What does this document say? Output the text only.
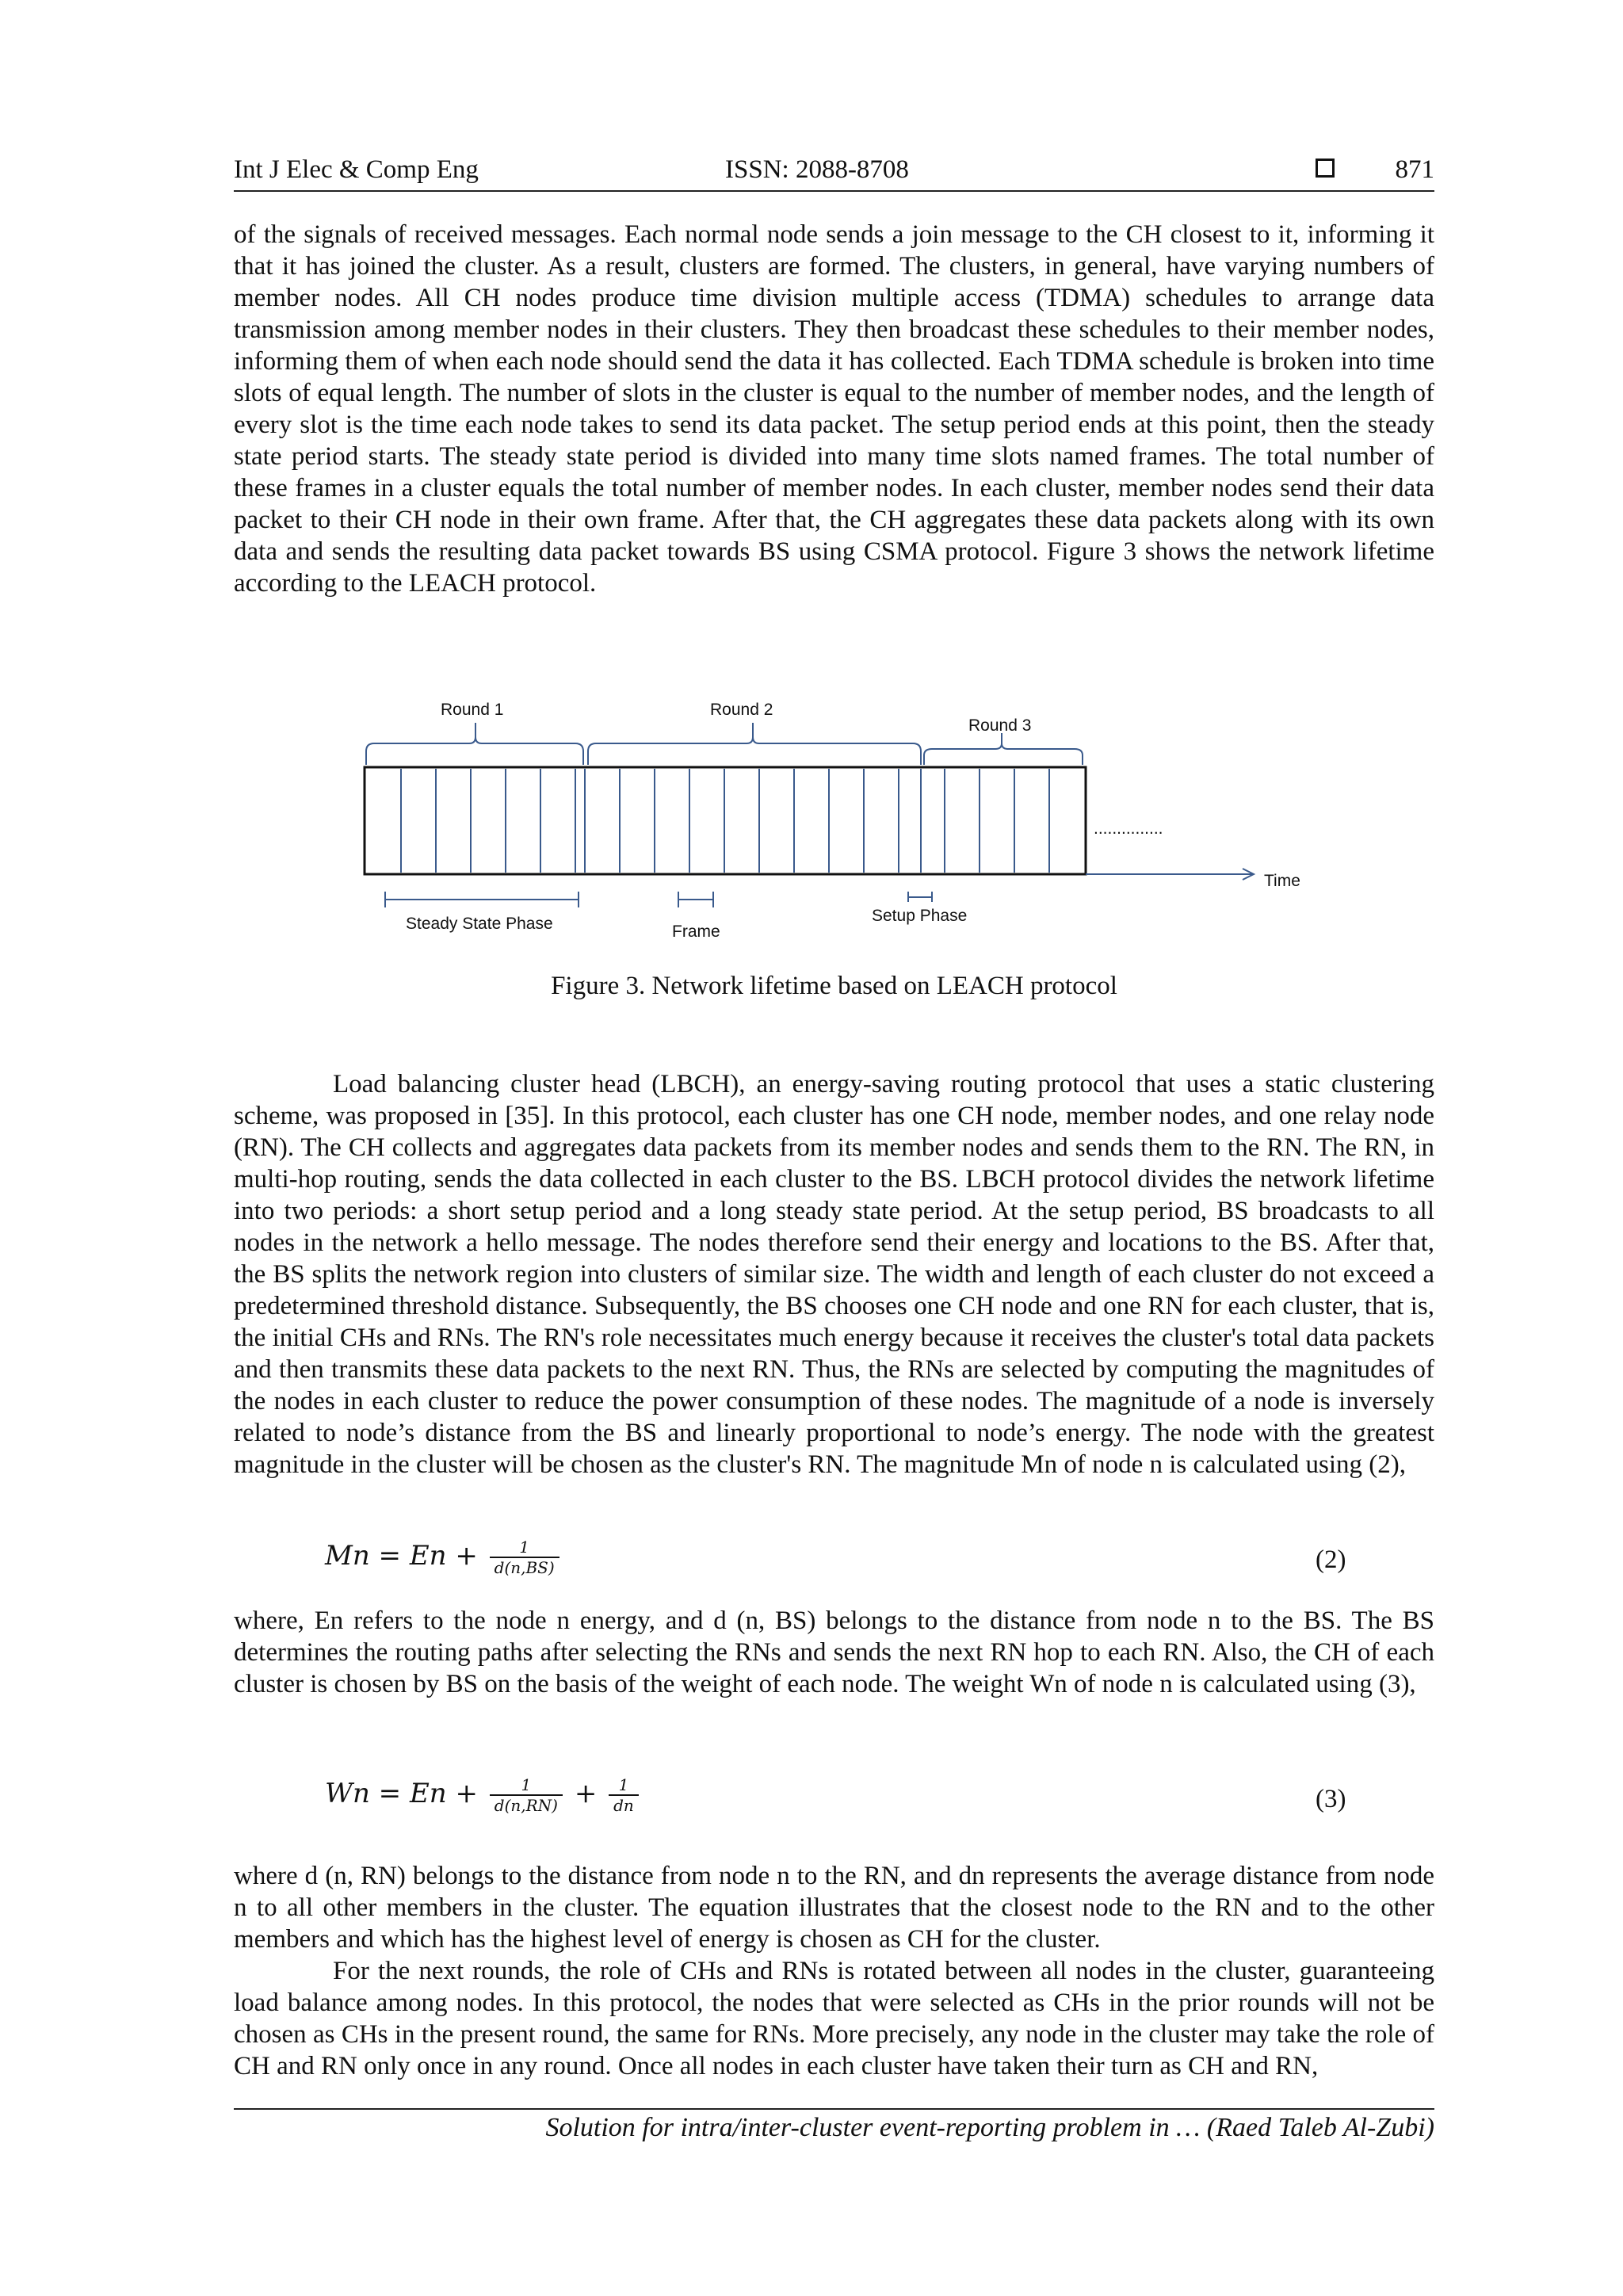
Int J Elec & Comp Eng	ISSN: 2088-8708	871

of the signals of received messages. Each normal node sends a join message to the CH closest to it, informing it that it has joined the cluster. As a result, clusters are formed. The clusters, in general, have varying numbers of member nodes. All CH nodes produce time division multiple access (TDMA) schedules to arrange data transmission among member nodes in their clusters. They then broadcast these schedules to their member nodes, informing them of when each node should send the data it has collected. Each TDMA schedule is broken into time slots of equal length. The number of slots in the cluster is equal to the number of member nodes, and the length of every slot is the time each node takes to send its data packet. The setup period ends at this point, then the steady state period starts. The steady state period is divided into many time slots named frames. The total number of these frames in a cluster equals the total number of member nodes. In each cluster, member nodes send their data packet to their CH node in their own frame. After that, the CH aggregates these data packets along with its own data and sends the resulting data packet towards BS using CSMA protocol. Figure 3 shows the network lifetime according to the LEACH protocol.

...............
Time
Round 1	Round 2
Round 3
Steady State Phase	Frame
Setup Phase
Figure 3. Network lifetime based on LEACH protocol

Load balancing cluster head (LBCH), an energy-saving routing protocol that uses a static clustering scheme, was proposed in [35]. In this protocol, each cluster has one CH node, member nodes, and one relay node (RN). The CH collects and aggregates data packets from its member nodes and sends them to the RN. The RN, in multi-hop routing, sends the data collected in each cluster to the BS. LBCH protocol divides the network lifetime into two periods: a short setup period and a long steady state period. At the setup period, BS broadcasts to all nodes in the network a hello message. The nodes therefore send their energy and locations to the BS. After that, the BS splits the network region into clusters of similar size. The width and length of each cluster do not exceed a predetermined threshold distance. Subsequently, the BS chooses one CH node and one RN for each cluster, that is, the initial CHs and RNs. The RN's role necessitates much energy because it receives the cluster's total data packets and then transmits these data packets to the next RN. Thus, the RNs are selected by computing the magnitudes of the nodes in each cluster to reduce the power consumption of these nodes. The magnitude of a node is inversely related to node’s distance from the BS and linearly proportional to node’s energy. The node with the greatest magnitude in the cluster will be chosen as the cluster's RN. The magnitude Mn of node n is calculated using (2),

$Mn = En + \frac{1}{d(n,BS)}$	(2)

where, En refers to the node n energy, and d (n, BS) belongs to the distance from node n to the BS. The BS determines the routing paths after selecting the RNs and sends the next RN hop to each RN. Also, the CH of each cluster is chosen by BS on the basis of the weight of each node. The weight Wn of node n is calculated using (3),

$Wn = En + \frac{1}{d(n,RN)} + \frac{1}{dn}$	(3)

where d (n, RN) belongs to the distance from node n to the RN, and dn represents the average distance from node n to all other members in the cluster. The equation illustrates that the closest node to the RN and to the other members and which has the highest level of energy is chosen as CH for the cluster.

For the next rounds, the role of CHs and RNs is rotated between all nodes in the cluster, guaranteeing load balance among nodes. In this protocol, the nodes that were selected as CHs in the prior rounds will not be chosen as CHs in the present round, the same for RNs. More precisely, any node in the cluster may take the role of CH and RN only once in any round. Once all nodes in each cluster have taken their turn as CH and RN,

Solution for intra/inter-cluster event-reporting problem in … (Raed Taleb Al-Zubi)
